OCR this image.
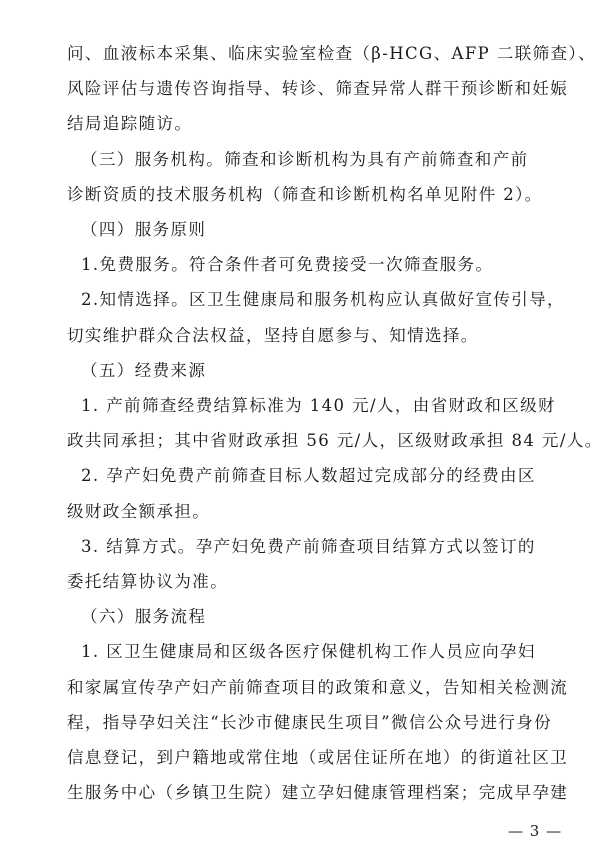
问、血液标本采集、临床实验室检查（β-HCG、AFP 二联筛查）、
风险评估与遗传咨询指导、转诊、筛查异常人群干预诊断和妊娠
结局追踪随访。
（三）服务机构。筛查和诊断机构为具有产前筛查和产前
诊断资质的技术服务机构（筛查和诊断机构名单见附件 2）。
（四）服务原则
1.免费服务。符合条件者可免费接受一次筛查服务。
2.知情选择。区卫生健康局和服务机构应认真做好宣传引导，
切实维护群众合法权益，坚持自愿参与、知情选择。
（五）经费来源
1. 产前筛查经费结算标准为 140 元/人，由省财政和区级财
政共同承担；其中省财政承担 56 元/人，区级财政承担 84 元/人。
2. 孕产妇免费产前筛查目标人数超过完成部分的经费由区
级财政全额承担。
3. 结算方式。孕产妇免费产前筛查项目结算方式以签订的
委托结算协议为准。
（六）服务流程
1. 区卫生健康局和区级各医疗保健机构工作人员应向孕妇
和家属宣传孕产妇产前筛查项目的政策和意义，告知相关检测流
程，指导孕妇关注“长沙市健康民生项目”微信公众号进行身份
信息登记，到户籍地或常住地（或居住证所在地）的街道社区卫
生服务中心（乡镇卫生院）建立孕妇健康管理档案；完成早孕建
— 3 —
